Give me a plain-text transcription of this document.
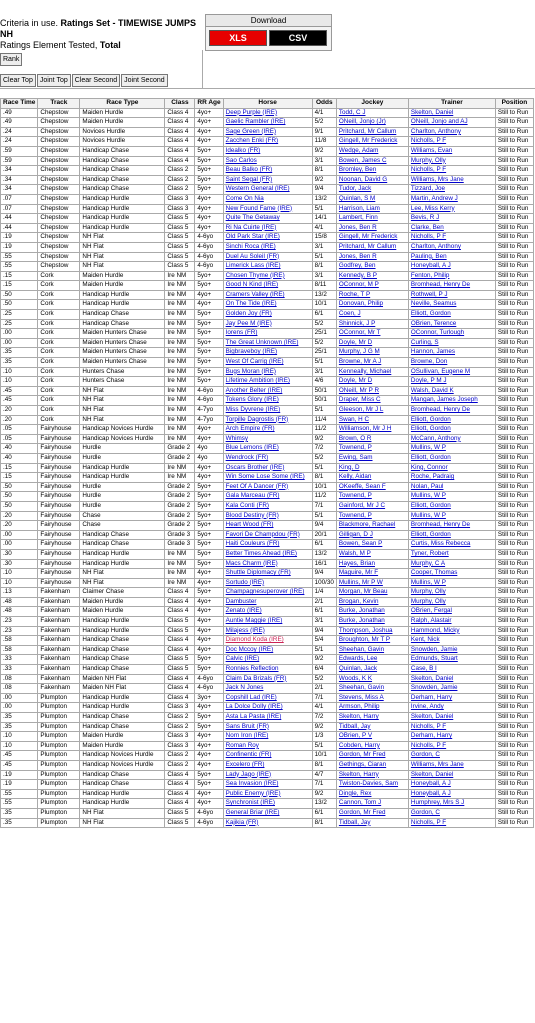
Criteria in use. Ratings Set - TIMEWISE JUMPS NH
Ratings Element Tested, Total
Download
XLS	CSV
Rank
Clear Top Joint Top Clear Second Joint Second
Race Time	Track	Race Type	Class	RR Age	Horse	Odds	Jockey	Trainer	Position
.49	Chepstow	Maiden Hurdle	Class 4	4yo+	Deep Purple (IRE)	4/1	Todd, C J	Skelton, Daniel	Still to Run
.49	Chepstow	Maiden Hurdle	Class 4	4yo+	Gaelic Rambler (IRE)	5/2	ONeill, Jonjo (Jr)	ONeill, Jonjo and AJ	Still to Run
.24	Chepstow	Novices Hurdle	Class 4	4yo+	Sage Green (IRE)	9/1	Pritchard, Mr Callum	Charlton, Anthony	Still to Run
.24	Chepstow	Novices Hurdle	Class 4	4yo+	Zacchen Enki (FR)	11/8	Gingell, Mr Frederick	Nicholls, P F	Still to Run
.59	Chepstow	Handicap Chase	Class 4	5yo+	Idealko (FR)	9/2	Wedge, Adam	Williams, Evan	Still to Run
.59	Chepstow	Handicap Chase	Class 4	5yo+	Sao Carlos	3/1	Bowen, James C	Murphy, Olly	Still to Run
.34	Chepstow	Handicap Chase	Class 2	5yo+	Beau Balko (FR)	8/1	Bromley, Ben	Nicholls, P F	Still to Run
.34	Chepstow	Handicap Chase	Class 2	5yo+	Saint Segal (FR)	9/2	Noonan, David G	Williams, Mrs Jane	Still to Run
.34	Chepstow	Handicap Chase	Class 2	5yo+	Western General (IRE)	9/4	Tudor, Jack	Tizzard, Joe	Still to Run
.07	Chepstow	Handicap Hurdle	Class 3	4yo+	Come On Nia	13/2	Quinlan, S M	Martin, Andrew J	Still to Run
.07	Chepstow	Handicap Hurdle	Class 3	4yo+	New Found Fame (IRE)	5/1	Harrison, Liam	Lee, Miss Kerry	Still to Run
.44	Chepstow	Handicap Hurdle	Class 5	4yo+	Quite The Getaway	14/1	Lambert, Finn	Bevis, R J	Still to Run
.44	Chepstow	Handicap Hurdle	Class 5	4yo+	Ri Na Cuirte (IRE)	4/1	Jones, Ben R	Clarke, Ben	Still to Run
.19	Chepstow	NH Flat	Class 5	4-6yo	Old Park Star (IRE)	15/8	Gingell, Mr Frederick	Nicholls, P F	Still to Run
.19	Chepstow	NH Flat	Class 5	4-6yo	Sinchi Roca (IRE)	3/1	Pritchard, Mr Callum	Charlton, Anthony	Still to Run
.55	Chepstow	NH Flat	Class 5	4-6yo	Duel Au Soleil (FR)	5/1	Jones, Ben R	Pauling, Ben	Still to Run
.55	Chepstow	NH Flat	Class 5	4-6yo	Limerick Lass (IRE)	8/1	Godfrey, Ben	Honeyball, A J	Still to Run
.15	Cork	Maiden Hurdle	Ire NM	5yo+	Chosen Thyme (IRE)	3/1	Kennedy, B P	Fenton, Philip	Still to Run
.15	Cork	Maiden Hurdle	Ire NM	5yo+	Good N Kind (IRE)	8/11	OConnor, M P	Bromhead, Henry De	Still to Run
.50	Cork	Handicap Hurdle	Ire NM	4yo+	Cramers Valley (IRE)	13/2	Roche, T P	Rothwell, P J	Still to Run
.50	Cork	Handicap Hurdle	Ire NM	4yo+	On The Tide (IRE)	10/1	Donovan, Philip	Neville, Seamus	Still to Run
.25	Cork	Handicap Chase	Ire NM	5yo+	Golden Joy (FR)	6/1	Coen, J	Elliott, Gordon	Still to Run
.25	Cork	Handicap Chase	Ire NM	5yo+	Jay Pee M (IRE)	5/2	Shinnick, J P	OBrien, Terence	Still to Run
.00	Cork	Maiden Hunters Chase	Ire NM	5yo+	Iorens (FR)	25/1	OConnor, Mr T	OConnor, Turlough	Still to Run
.00	Cork	Maiden Hunters Chase	Ire NM	5yo+	The Great Unknown (IRE)	5/2	Doyle, Mr D	Curling, S	Still to Run
.35	Cork	Maiden Hunters Chase	Ire NM	5yo+	Bigbraveboy (IRE)	25/1	Murphy, J G M	Hannon, James	Still to Run
.35	Cork	Maiden Hunters Chase	Ire NM	5yo+	West Of Carrig (IRE)	5/1	Browne, Mr A J	Browne, Don	Still to Run
.10	Cork	Hunters Chase	Ire NM	5yo+	Bugs Moran (IRE)	3/1	Kenneally, Michael	OSullivan, Eugene M	Still to Run
.10	Cork	Hunters Chase	Ire NM	5yo+	Lifetime Ambition (IRE)	4/6	Doyle, Mr D	Doyle, P M J	Still to Run
.45	Cork	NH Flat	Ire NM	4-6yo	Another Belter (IRE)	50/1	ONeill, Mr P R	Walsh, David K	Still to Run
.45	Cork	NH Flat	Ire NM	4-6yo	Tokens Glory (IRE)	50/1	Draper, Miss C	Mangan, James Joseph	Still to Run
.20	Cork	NH Flat	Ire NM	4-7yo	Miss Dyvrene (IRE)	5/1	Gleeson, Mr J L	Bromhead, Henry De	Still to Run
.20	Cork	NH Flat	Ire NM	4-7yo	Torpille Dagrostis (FR)	11/4	Swan, H C	Elliott, Gordon	Still to Run
.05	Fairyhouse	Handicap Novices Hurdle	Ire NM	4yo+	Arch Empire (FR)	11/2	Williamson, Mr J H	Elliott, Gordon	Still to Run
.05	Fairyhouse	Handicap Novices Hurdle	Ire NM	4yo+	Whimsy	9/2	Brown, O R	McCann, Anthony	Still to Run
.40	Fairyhouse	Hurdle	Grade 2	4yo	Blue Lemons (IRE)	7/2	Townend, P	Mullins, W P	Still to Run
.40	Fairyhouse	Hurdle	Grade 2	4yo	Wendrock (FR)	5/2	Ewing, Sam	Elliott, Gordon	Still to Run
.15	Fairyhouse	Handicap Hurdle	Ire NM	4yo+	Oscars Brother (IRE)	5/1	King, D	King, Connor	Still to Run
.15	Fairyhouse	Handicap Hurdle	Ire NM	4yo+	Win Some Lose Some (IRE)	8/1	Kelly, Aidan	Roche, Padraig	Still to Run
.50	Fairyhouse	Hurdle	Grade 2	5yo+	Feet Of A Dancer (FR)	10/1	OKeeffe, Sean F	Nolan, Paul	Still to Run
.50	Fairyhouse	Hurdle	Grade 2	5yo+	Gala Marceau (FR)	11/2	Townend, P	Mullins, W P	Still to Run
.50	Fairyhouse	Hurdle	Grade 2	5yo+	Kala Conti (FR)	7/1	Gainford, Mr J C	Elliott, Gordon	Still to Run
.20	Fairyhouse	Chase	Grade 2	5yo+	Blood Destiny (FR)	5/1	Townend, P	Mullins, W P	Still to Run
.20	Fairyhouse	Chase	Grade 2	5yo+	Heart Wood (FR)	9/4	Blackmore, Rachael	Bromhead, Henry De	Still to Run
.00	Fairyhouse	Handicap Chase	Grade 3	5yo+	Favori De Champdou (FR)	20/1	Gilligan, D J	Elliott, Gordon	Still to Run
.00	Fairyhouse	Handicap Chase	Grade 3	5yo+	Haiti Couleurs (FR)	6/1	Bowen, Sean P	Curtis, Miss Rebecca	Still to Run
.30	Fairyhouse	Handicap Hurdle	Ire NM	5yo+	Better Times Ahead (IRE)	13/2	Walsh, M P	Tyner, Robert	Still to Run
.30	Fairyhouse	Handicap Hurdle	Ire NM	5yo+	Macs Charm (IRE)	16/1	Hayes, Brian	Murphy, C A	Still to Run
.10	Fairyhouse	NH Flat	Ire NM	4yo+	Shuttle Diplomacy (FR)	9/4	Maguire, Mr F	Cooper, Thomas	Still to Run
.10	Fairyhouse	NH Flat	Ire NM	4yo+	Sortudo (IRE)	100/30	Mullins, Mr P W	Mullins, W P	Still to Run
.13	Fakenham	Claimer Chase	Class 4	5yo+	Champagnesuperover (IRE)	1/4	Morgan, Mr Beau	Murphy, Olly	Still to Run
.48	Fakenham	Maiden Hurdle	Class 4	4yo+	Dambuster	2/1	Brogan, Kevin	Murphy, Olly	Still to Run
.48	Fakenham	Maiden Hurdle	Class 4	4yo+	Zenato (IRE)	6/1	Burke, Jonathan	OBrien, Fergal	Still to Run
.23	Fakenham	Handicap Hurdle	Class 5	4yo+	Auntie Maggie (IRE)	3/1	Burke, Jonathan	Ralph, Alastair	Still to Run
.23	Fakenham	Handicap Hurdle	Class 5	4yo+	Milajess (IRE)	9/4	Thompson, Joshua	Hammond, Micky	Still to Run
.58	Fakenham	Handicap Chase	Class 4	4yo+	Diamond Koda (IRE)	5/4	Broughton, Mr T P	Kent, Nick	Still to Run
.58	Fakenham	Handicap Chase	Class 4	4yo+	Doc Mccoy (IRE)	5/1	Sheehan, Gavin	Snowden, Jamie	Still to Run
.33	Fakenham	Handicap Chase	Class 5	5yo+	Calvic (IRE)	9/2	Edwards, Lee	Edmunds, Stuart	Still to Run
.33	Fakenham	Handicap Chase	Class 5	5yo+	Ronnies Reflection	6/4	Quinlan, Jack	Case, B I	Still to Run
.08	Fakenham	Maiden NH Flat	Class 4	4-6yo	Claim Da Brizals (FR)	5/2	Woods, K K	Skelton, Daniel	Still to Run
.08	Fakenham	Maiden NH Flat	Class 4	4-6yo	Jack N Jones	2/1	Sheehan, Gavin	Snowden, Jamie	Still to Run
.00	Plumpton	Handicap Hurdle	Class 4	3yo+	Copshill Lad (IRE)	7/1	Stevens, Miss A	Derham, Harry	Still to Run
.00	Plumpton	Handicap Hurdle	Class 3	4yo+	La Dolce Dolly (IRE)	4/1	Armson, Philip	Irvine, Andy	Still to Run
.35	Plumpton	Handicap Chase	Class 2	5yo+	Asta La Pasta (IRE)	7/2	Skelton, Harry	Skelton, Daniel	Still to Run
.35	Plumpton	Handicap Chase	Class 2	5yo+	Sans Bruit (FR)	9/2	Tidball, Jay	Nicholls, P F	Still to Run
.10	Plumpton	Maiden Hurdle	Class 3	4yo+	Norn Iron (IRE)	1/3	OBrien, P V	Derham, Harry	Still to Run
.10	Plumpton	Maiden Hurdle	Class 3	4yo+	Roman Roy	5/1	Cobden, Harry	Nicholls, P F	Still to Run
.45	Plumpton	Handicap Novices Hurdle	Class 2	4yo+	Confinentic (FR)	10/1	Gordon, Mr Fred	Gordon, C	Still to Run
.45	Plumpton	Handicap Novices Hurdle	Class 2	4yo+	Excelero (FR)	8/1	Gethings, Ciaran	Williams, Mrs Jane	Still to Run
.19	Plumpton	Handicap Chase	Class 4	5yo+	Lady Jago (IRE)	4/7	Skelton, Harry	Skelton, Daniel	Still to Run
.19	Plumpton	Handicap Chase	Class 4	5yo+	Sea Invasion (IRE)	7/1	Twiston-Davies, Sam	Honeyball, A J	Still to Run
.55	Plumpton	Handicap Hurdle	Class 4	4yo+	Public Enemy (IRE)	9/2	Dingle, Rex	Honeyball, A J	Still to Run
.55	Plumpton	Handicap Hurdle	Class 4	4yo+	Synchronist (IRE)	13/2	Cannon, Tom J	Humphrey, Mrs S J	Still to Run
.35	Plumpton	NH Flat	Class 5	4-6yo	General Briar (IRE)	6/1	Gordon, Mr Fred	Gordon, C	Still to Run
.35	Plumpton	NH Flat	Class 5	4-6yo	Kajikia (FR)	8/1	Tidball, Jay	Nicholls, P F	Still to Run
